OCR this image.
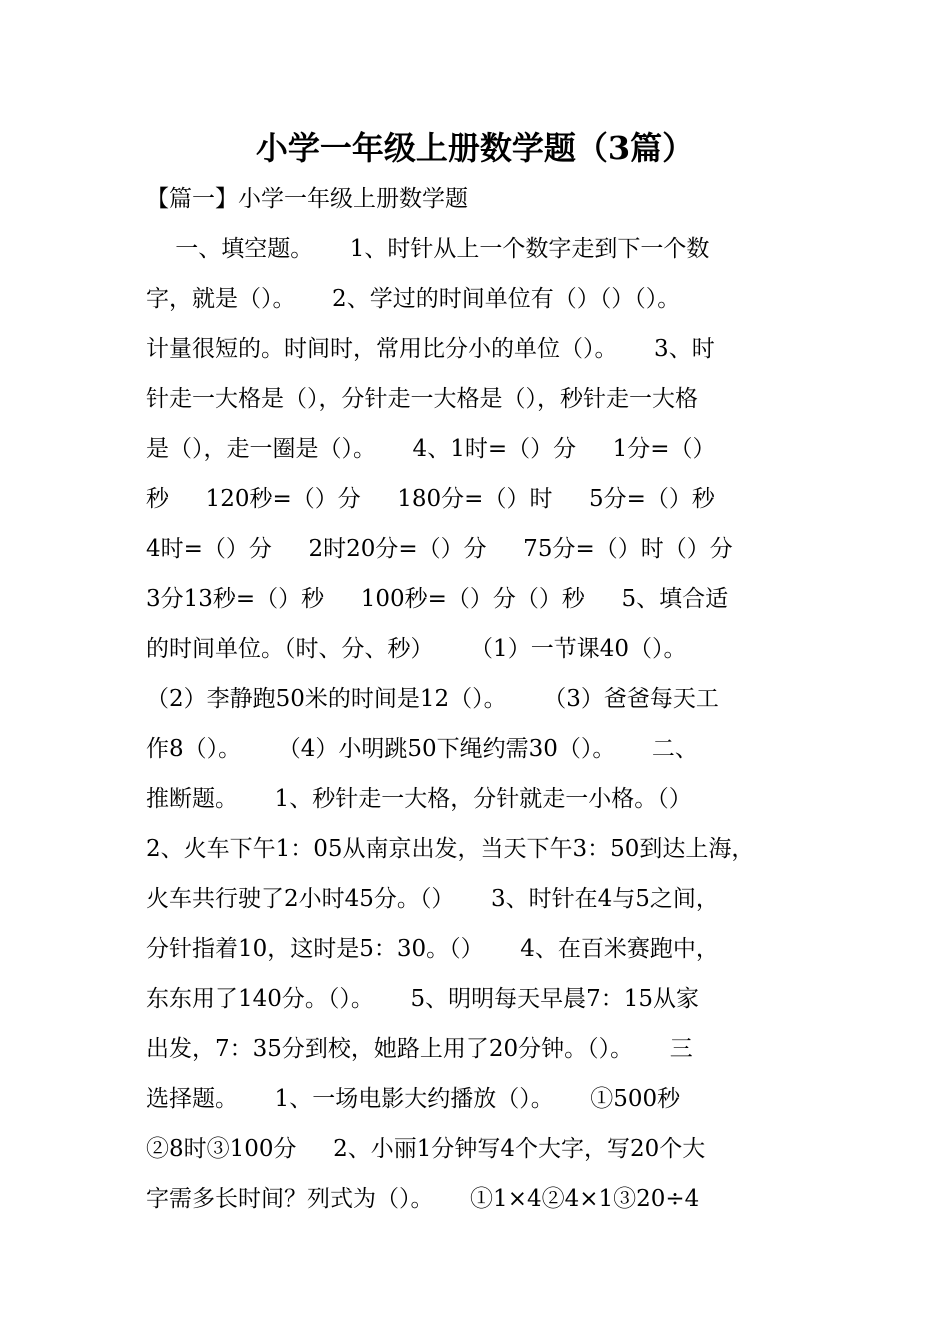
小学一年级上册数学题（3篇）
【篇一】小学一年级上册数学题
一、填空题。     1、时针从上一个数字走到下一个数
字，就是（）。     2、学过的时间单位有（）（）（）。
计量很短的。时间时，常用比分小的单位（）。     3、时
针走一大格是（），分针走一大格是（），秒针走一大格
是（），走一圈是（）。     4、1时=（）分     1分=（）
秒     120秒=（）分     180分=（）时     5分=（）秒
4时=（）分     2时20分=（）分     75分=（）时（）分
3分13秒=（）秒     100秒=（）分（）秒     5、填合适
的时间单位。（时、分、秒）     （1）一节课40（）。
（2）李静跑50米的时间是12（）。     （3）爸爸每天工
作8（）。     （4）小明跳50下绳约需30（）。     二、
推断题。     1、秒针走一大格，分针就走一小格。（）
2、火车下午1：05从南京出发，当天下午3：50到达上海，
火车共行驶了2小时45分。（）     3、时针在4与5之间，
分针指着10，这时是5：30。（）     4、在百米赛跑中，
东东用了140分。（）。     5、明明每天早晨7：15从家
出发，7：35分到校，她路上用了20分钟。（）。     三
选择题。     1、一场电影大约播放（）。     ①500秒
②8时③100分     2、小丽1分钟写4个大字，写20个大
字需多长时间？列式为（）。     ①1×4②4×1③20÷4
